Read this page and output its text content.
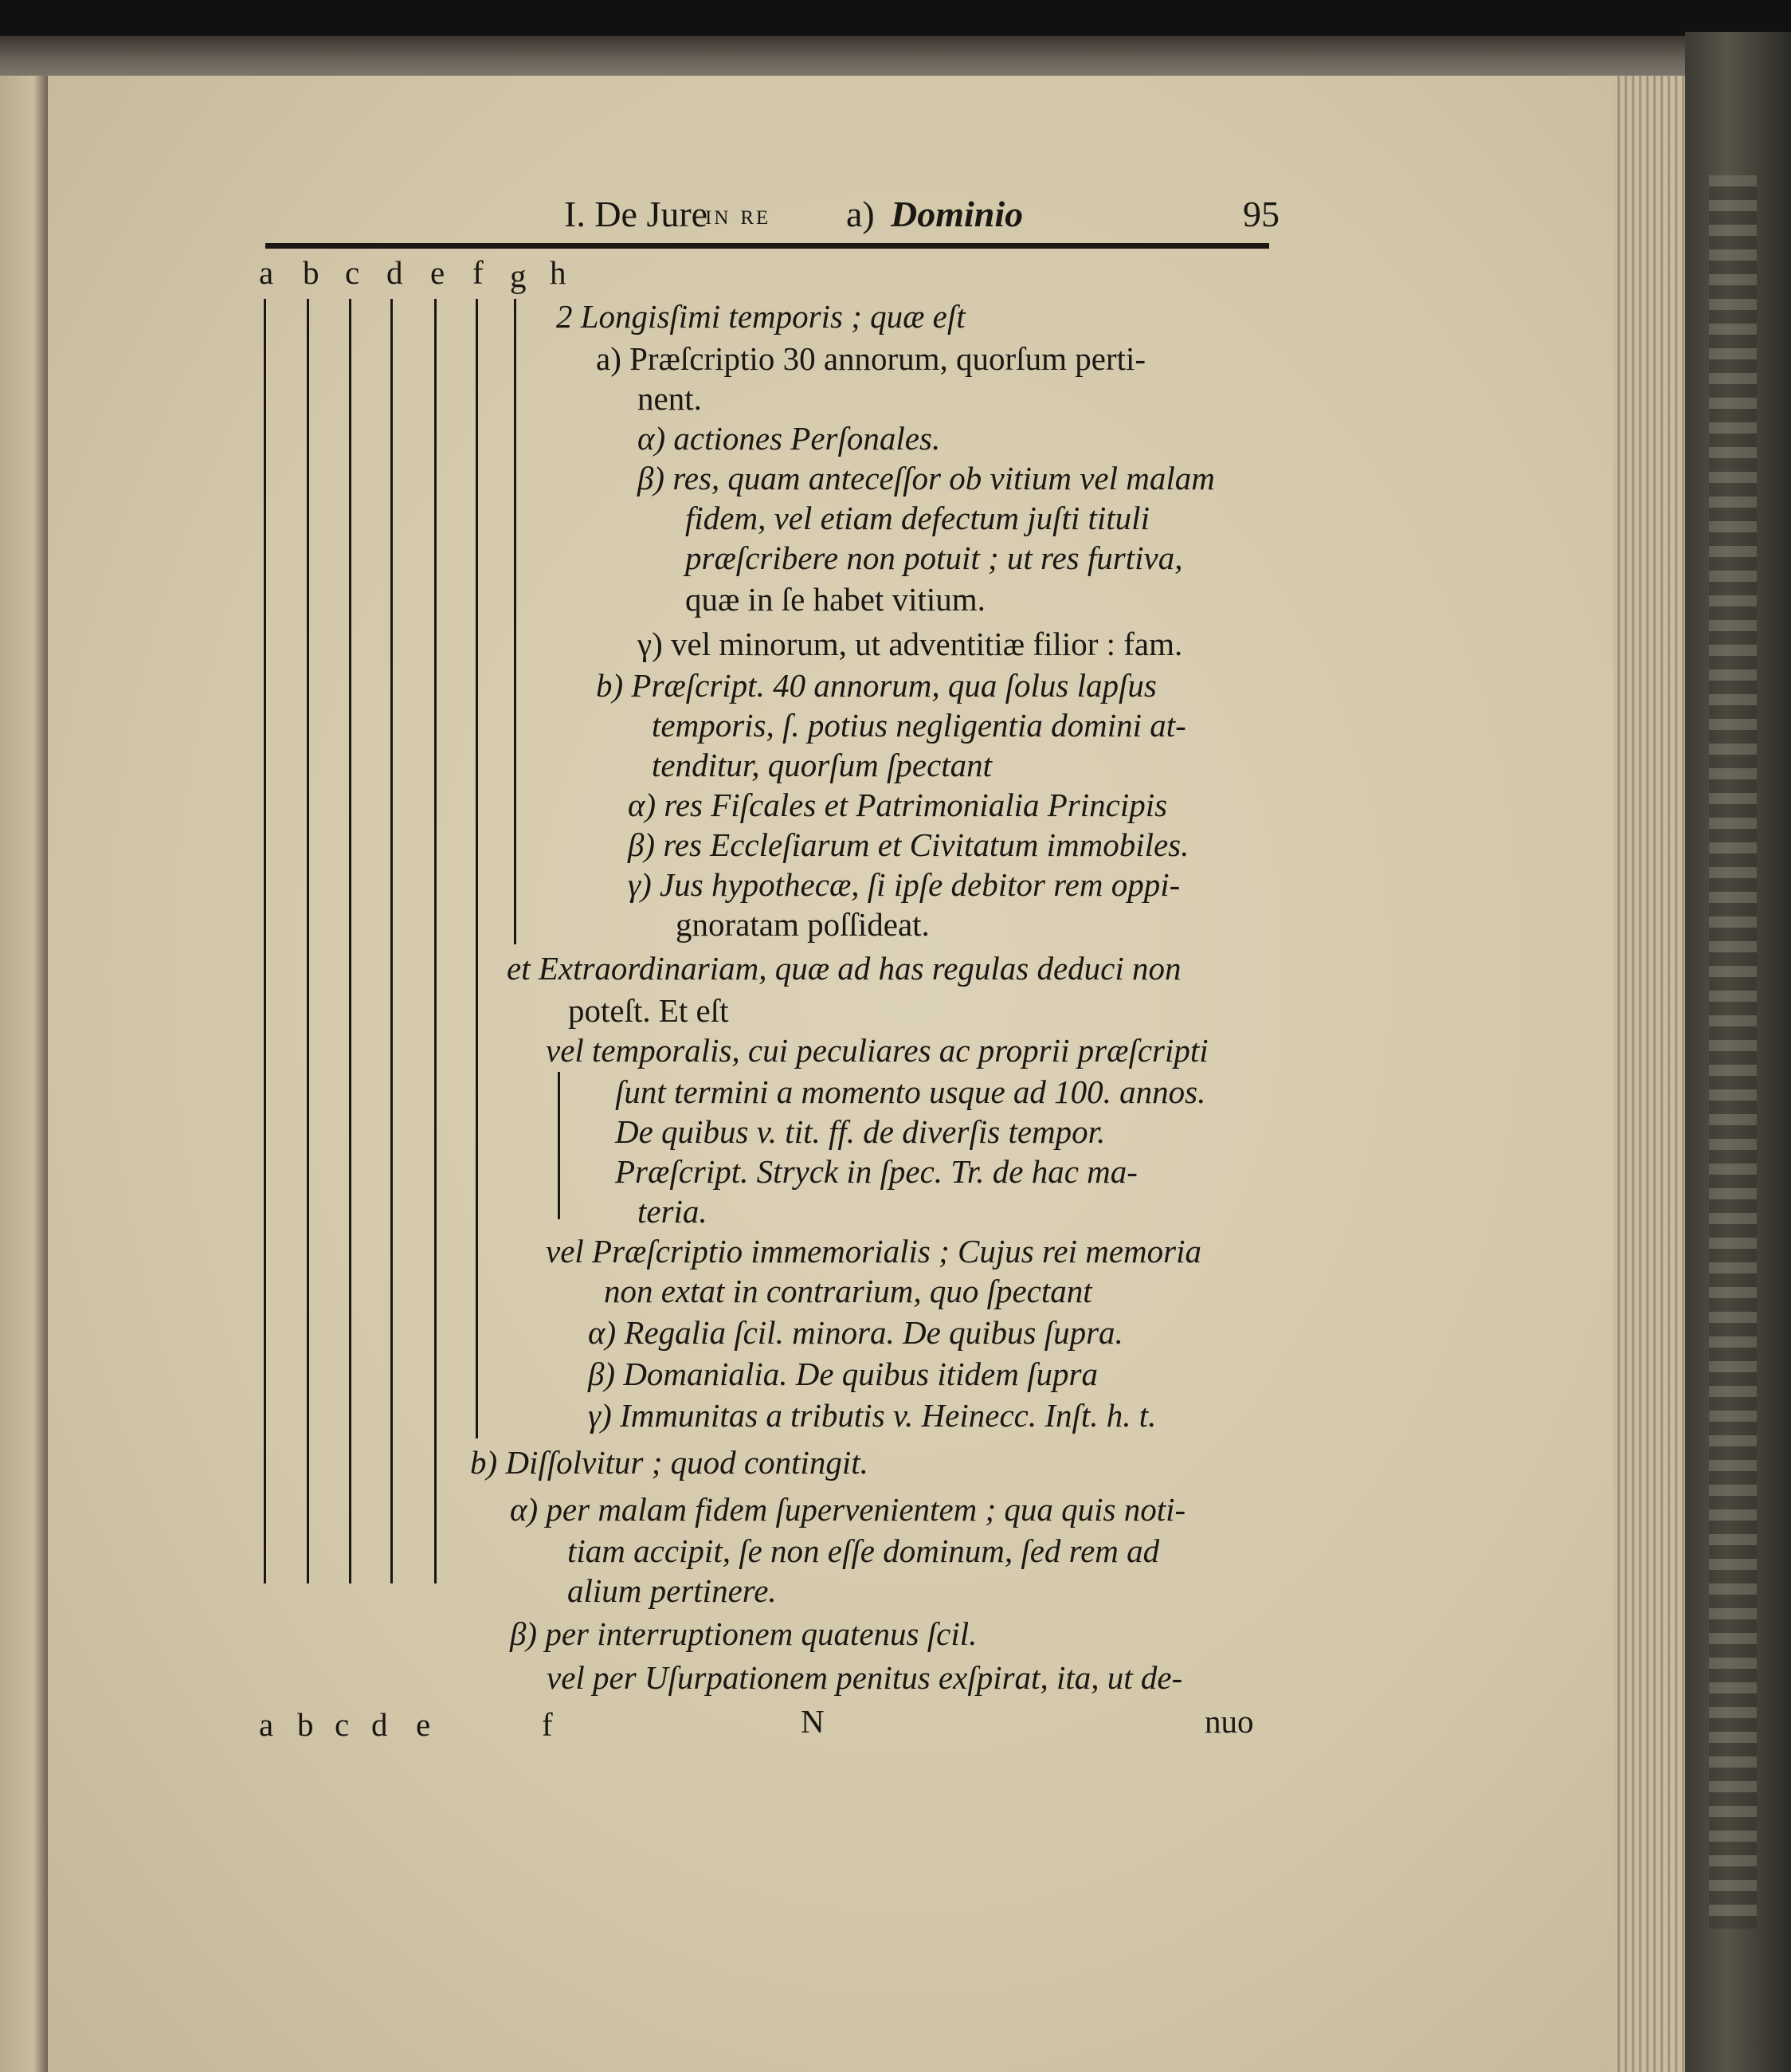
I. De Jure
in re a) Dominio	95
a b c d e f g h
2 Longisſimi temporis ; quæ eſt
a) Præſcriptio 30 annorum, quorſum perti-
nent.
α) actiones Perſonales.
β) res, quam anteceſſor ob vitium vel malam
fidem, vel etiam defectum juſti tituli
præſcribere non potuit ; ut res furtiva,
quæ in ſe habet vitium.
γ) vel minorum, ut adventitiæ filior : fam.
b) Præſcript. 40 annorum, qua ſolus lapſus
temporis, ſ. potius negligentia domini at-
tenditur, quorſum ſpectant
α) res Fiſcales et Patrimonialia Principis
β) res Eccleſiarum et Civitatum immobiles.
γ) Jus hypothecæ, ſi ipſe debitor rem oppi-
gnoratam poſſideat.
et Extraordinariam, quæ ad has regulas deduci non
poteſt. Et eſt
vel temporalis, cui peculiares ac proprii præſcripti
ſunt termini a momento usque ad 100. annos.
De quibus v. tit. ff. de diverſis tempor.
Præſcript. Stryck in ſpec. Tr. de hac ma-
teria.
vel Præſcriptio immemorialis ; Cujus rei memoria
non extat in contrarium, quo ſpectant
α) Regalia ſcil. minora. De quibus ſupra.
β) Domanialia. De quibus itidem ſupra
γ) Immunitas a tributis v. Heinecc. Inſt. h. t.
b) Diſſolvitur ; quod contingit.
α) per malam fidem ſupervenientem ; qua quis noti-
tiam accipit, ſe non eſſe dominum, ſed rem ad
alium pertinere.
β) per interruptionem quatenus ſcil.
vel per Uſurpationem penitus exſpirat, ita, ut de-
a b c d e	f	N	nuo
